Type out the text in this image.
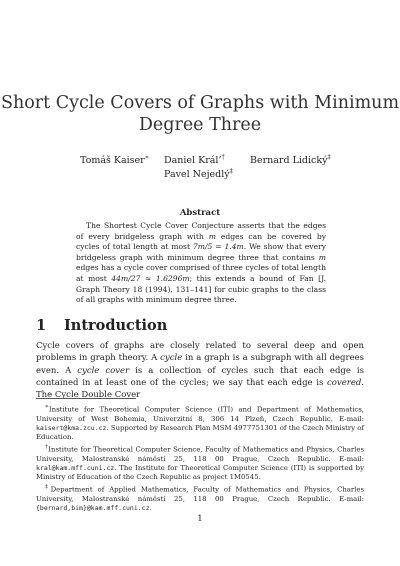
Short Cycle Covers of Graphs with Minimum
Degree Three
Tomáš Kaiser∗ Daniel Král’†	Bernard Lidický‡
Pavel Nejedlý‡
Abstract

The Shortest Cycle Cover Conjecture asserts that the edges of every bridgeless graph with m edges can be covered by cycles of total length at most 7m/5 = 1.4m. We show that every bridgeless graph with minimum degree three that contains m edges has a cycle cover comprised of three cycles of total length at most 44m/27 ≈ 1.6296m; this extends a bound of Fan [J. Graph Theory 18 (1994), 131–141] for cubic graphs to the class of all graphs with minimum degree three.

1 Introduction

Cycle covers of graphs are closely related to several deep and open problems in graph theory. A cycle in a graph is a subgraph with all degrees even. A cycle cover is a collection of cycles such that each edge is contained in at least one of the cycles; we say that each edge is covered. The Cycle Double Cover

∗Institute for Theoretical Computer Science (ITI) and Department of Mathematics, University of West Bohemia, Univerzitní 8, 306 14 Plzeň, Czech Republic. E-mail: kaisert@kma.zcu.cz. Supported by Research Plan MSM 4977751301 of the Czech Ministry of Education.

†Institute for Theoretical Computer Science, Faculty of Mathematics and Physics, Charles University, Malostranské náměstí 25, 118 00 Prague, Czech Republic. E-mail: kral@kam.mff.cuni.cz. The Institute for Theoretical Computer Science (ITI) is supported by Ministry of Education of the Czech Republic as project 1M0545.

‡Department of Applied Mathematics, Faculty of Mathematics and Physics, Charles University, Malostranské náměstí 25, 118 00 Prague, Czech Republic. E-mail: {bernard,bim}@kam.mff.cuni.cz.

1
